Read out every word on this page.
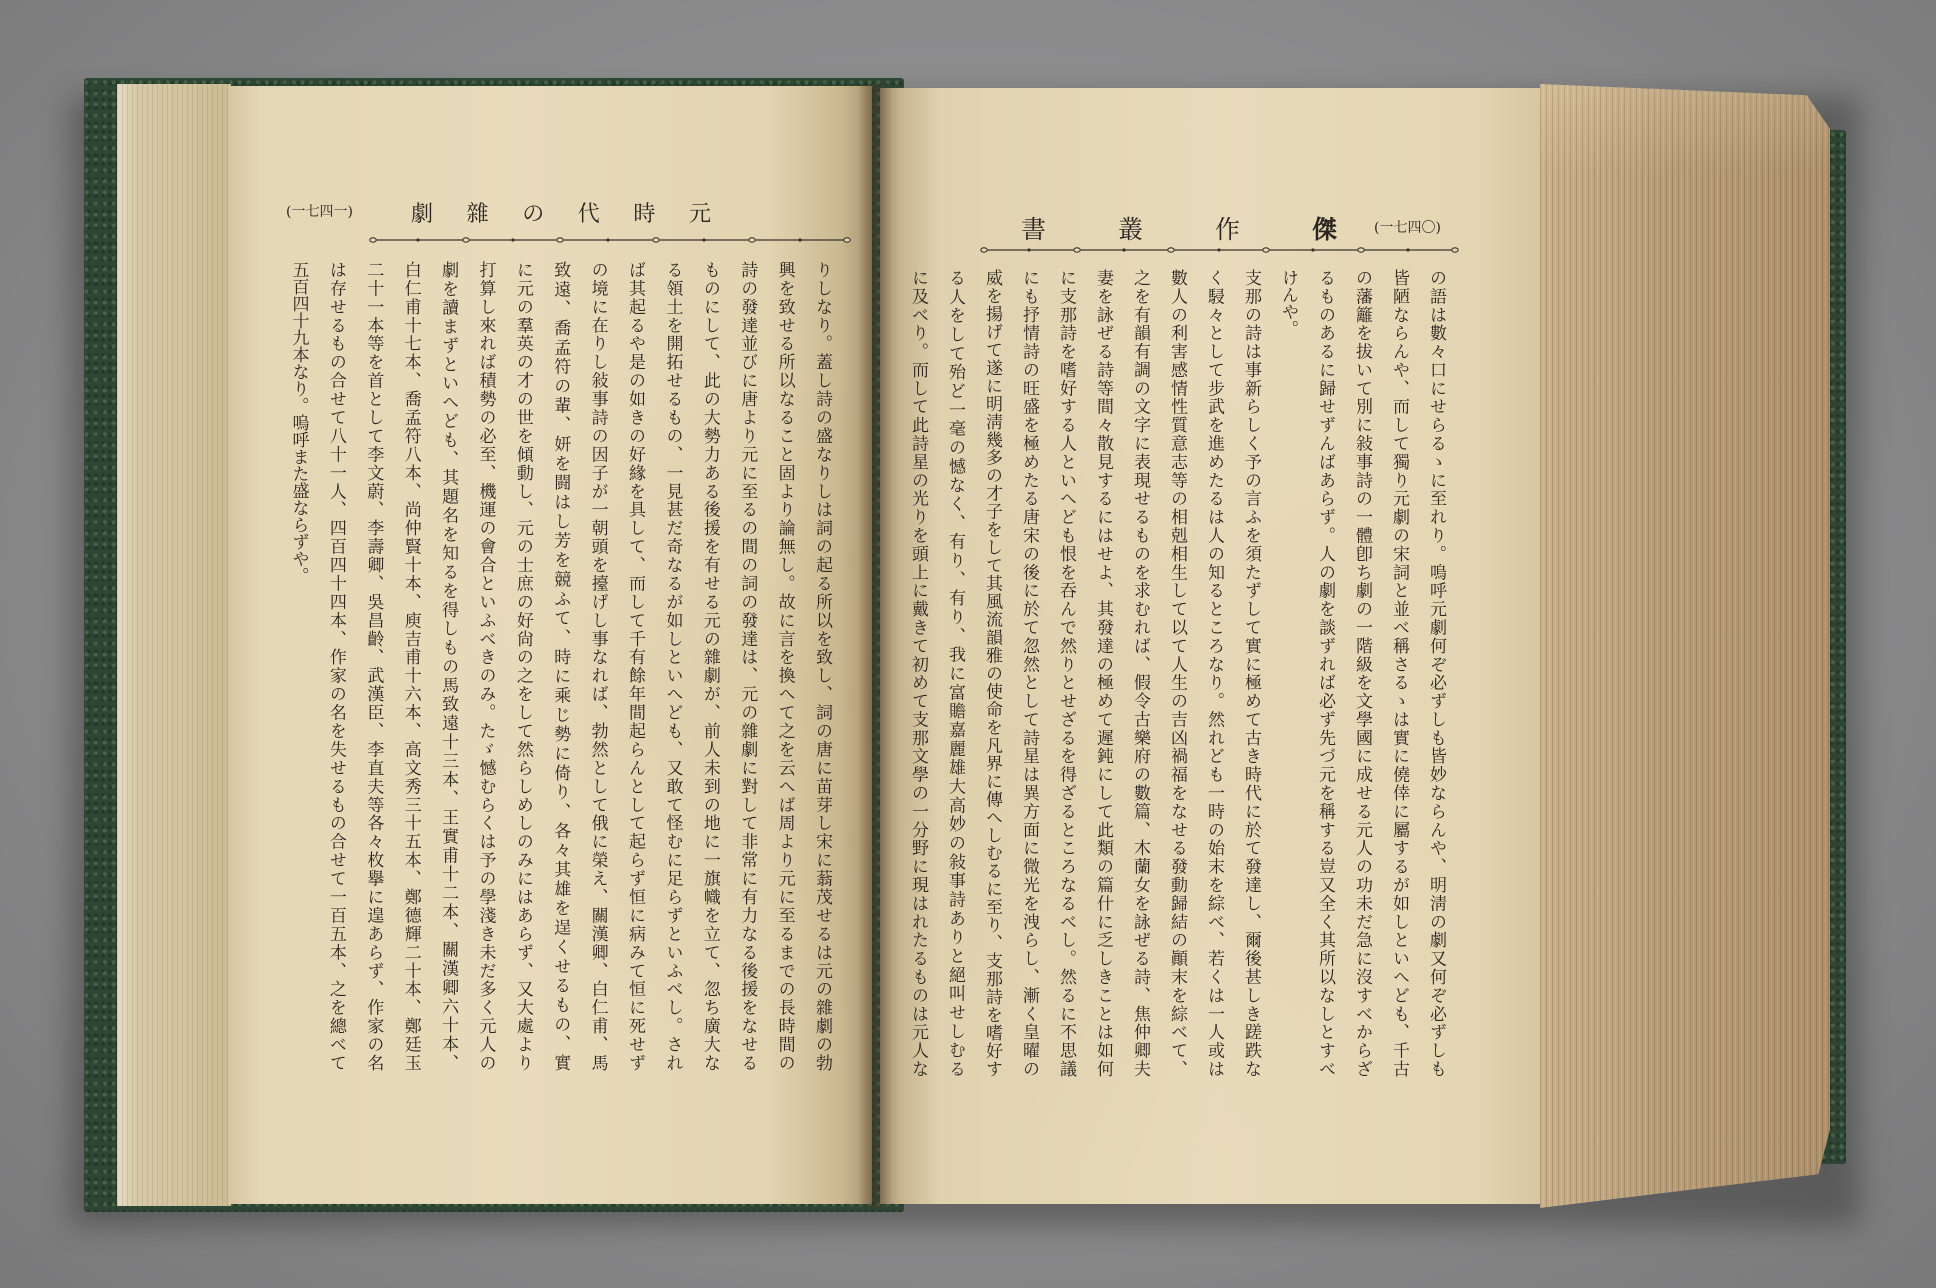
(一七四一)	劇 雜 の 代 時 元
りしなり。蓋し詩の盛なりしは詞の起る所以を致し、詞の唐に苗芽し宋に蓊茂せるは元の雜劇の勃
興を致せる所以なること固より論無し。故に言を換へて之を云へば周より元に至るまでの長時間の
詩の發達並びに唐より元に至るの間の詞の發達は、元の雜劇に對して非常に有力なる後援をなせる
ものにして、此の大勢力ある後援を有せる元の雜劇が、前人未到の地に一旗幟を立て、忽ち廣大な
る領土を開拓せるもの、一見甚だ奇なるが如しといへども、又敢て怪むに足らずといふべし。され
ば其起るや是の如きの好緣を具して、而して千有餘年間起らんとして起らず恒に病みて恒に死せず
の境に在りし敍事詩の因子が一朝頭を擡げし事なれば、勃然として俄に榮え、關漢卿、白仁甫、馬
致遠、喬孟符の輩、妍を闘はし芳を競ふて、時に乘じ勢に倚り、各々其雄を逞くせるもの、實
に元の羣英の才の世を傾動し、元の士庶の好尙の之をして然らしめしのみにはあらず、又大處より
打算し來れば積勢の必至、機運の會合といふべきのみ。たゞ憾むらくは予の學淺き未だ多く元人の
劇を讀まずといへども、其題名を知るを得しもの馬致遠十三本、王實甫十二本、關漢卿六十本、
白仁甫十七本、喬孟符八本、尚仲賢十本、庾吉甫十六本、高文秀三十五本、鄭德輝二十本、鄭廷玉
二十一本等を首として李文蔚、李壽卿、吳昌齡、武漢臣、李直夫等各々枚擧に遑あらず、作家の名
は存せるもの合せて八十一人、四百四十四本、作家の名を失せるもの合せて一百五本、之を總べて
五百四十九本なり。嗚呼また盛ならずや。
書	叢	作	傑	(一七四〇)
の語は數々口にせらるゝに至れり。嗚呼元劇何ぞ必ずしも皆妙ならんや、明淸の劇又何ぞ必ずしも
皆陋ならんや、而して獨り元劇の宋詞と並べ稱さるゝは實に僥倖に屬するが如しといへども、千古
の藩籬を拔いて別に敍事詩の一體卽ち劇の一階級を文學國に成せる元人の功未だ急に沒すべからざ
るものあるに歸せずんばあらず。人の劇を談ずれば必ず先づ元を稱する豈又全く其所以なしとすべ
けんや。
支那の詩は事新らしく予の言ふを須たずして實に極めて古き時代に於て發達し、爾後甚しき蹉跌な
く駸々として步武を進めたるは人の知るところなり。然れども一時の始末を綜べ、若くは一人或は
數人の利害感情性質意志等の相剋相生して以て人生の吉凶禍福をなせる發動歸結の顚末を綜べて、
之を有韻有調の文字に表現せるものを求むれば、假令古樂府の數篇、木蘭女を詠ぜる詩、焦仲卿夫
妻を詠ぜる詩等間々散見するにはせよ、其發達の極めて遲鈍にして此類の篇什に乏しきことは如何
に支那詩を嗜好する人といへども恨を吞んで然りとせざるを得ざるところなるべし。然るに不思議
にも抒情詩の旺盛を極めたる唐宋の後に於て忽然として詩星は異方面に微光を洩らし、漸く皇曜の
威を揚げて遂に明淸幾多の才子をして其風流韻雅の使命を凡界に傳へしむるに至り、支那詩を嗜好す
る人をして殆ど一毫の憾なく、有り、有り、我に富贍嘉麗雄大高妙の敍事詩ありと絕叫せしむる
に及べり。而して此詩星の光りを頭上に戴きて初めて支那文學の一分野に現はれたるものは元人な
